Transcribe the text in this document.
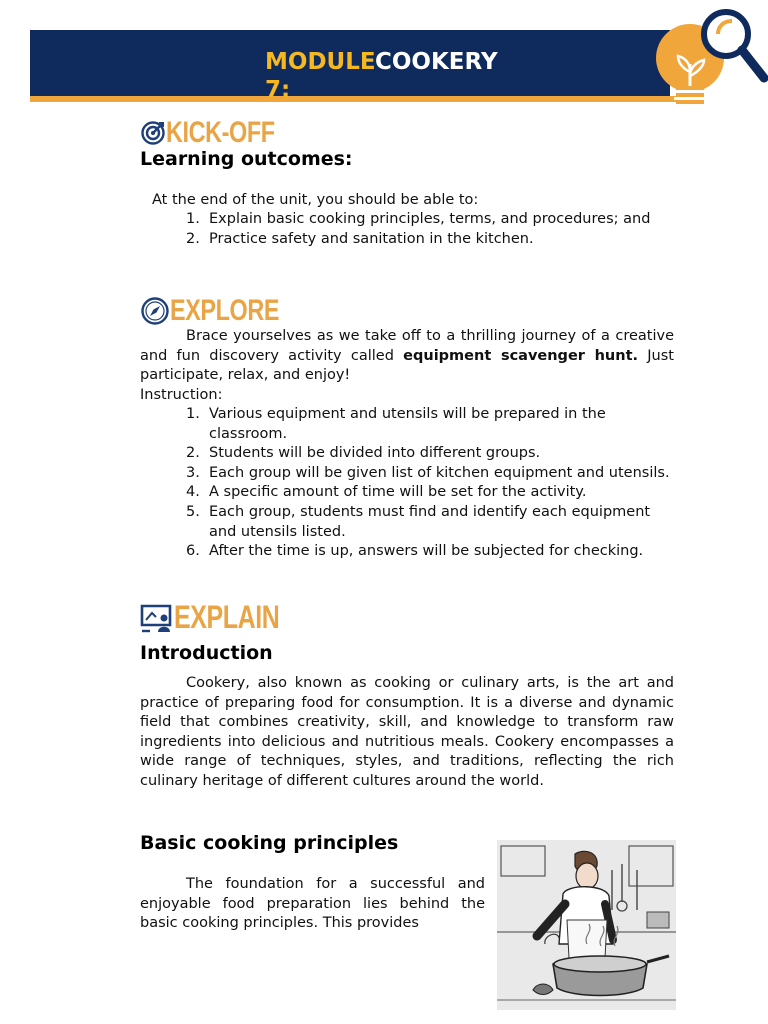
MODULE 7:
COOKERY
KICK-OFF
Learning outcomes:
At the end of the unit, you should be able to:
1. Explain basic cooking principles, terms, and procedures; and
2. Practice safety and sanitation in the kitchen.
EXPLORE
Brace yourselves as we take off to a thrilling journey of a creative and fun discovery activity called equipment scavenger hunt. Just participate, relax, and enjoy!
Instruction:
1. Various equipment and utensils will be prepared in the classroom.
2. Students will be divided into different groups.
3. Each group will be given list of kitchen equipment and utensils.
4. A specific amount of time will be set for the activity.
5. Each group, students must find and identify each equipment and utensils listed.
6. After the time is up, answers will be subjected for checking.
EXPLAIN
Introduction
Cookery, also known as cooking or culinary arts, is the art and practice of preparing food for consumption. It is a diverse and dynamic field that combines creativity, skill, and knowledge to transform raw ingredients into delicious and nutritious meals. Cookery encompasses a wide range of techniques, styles, and traditions, reflecting the rich culinary heritage of different cultures around the world.
Basic cooking principles
The foundation for a successful and enjoyable food preparation lies behind the basic cooking principles. This provides
